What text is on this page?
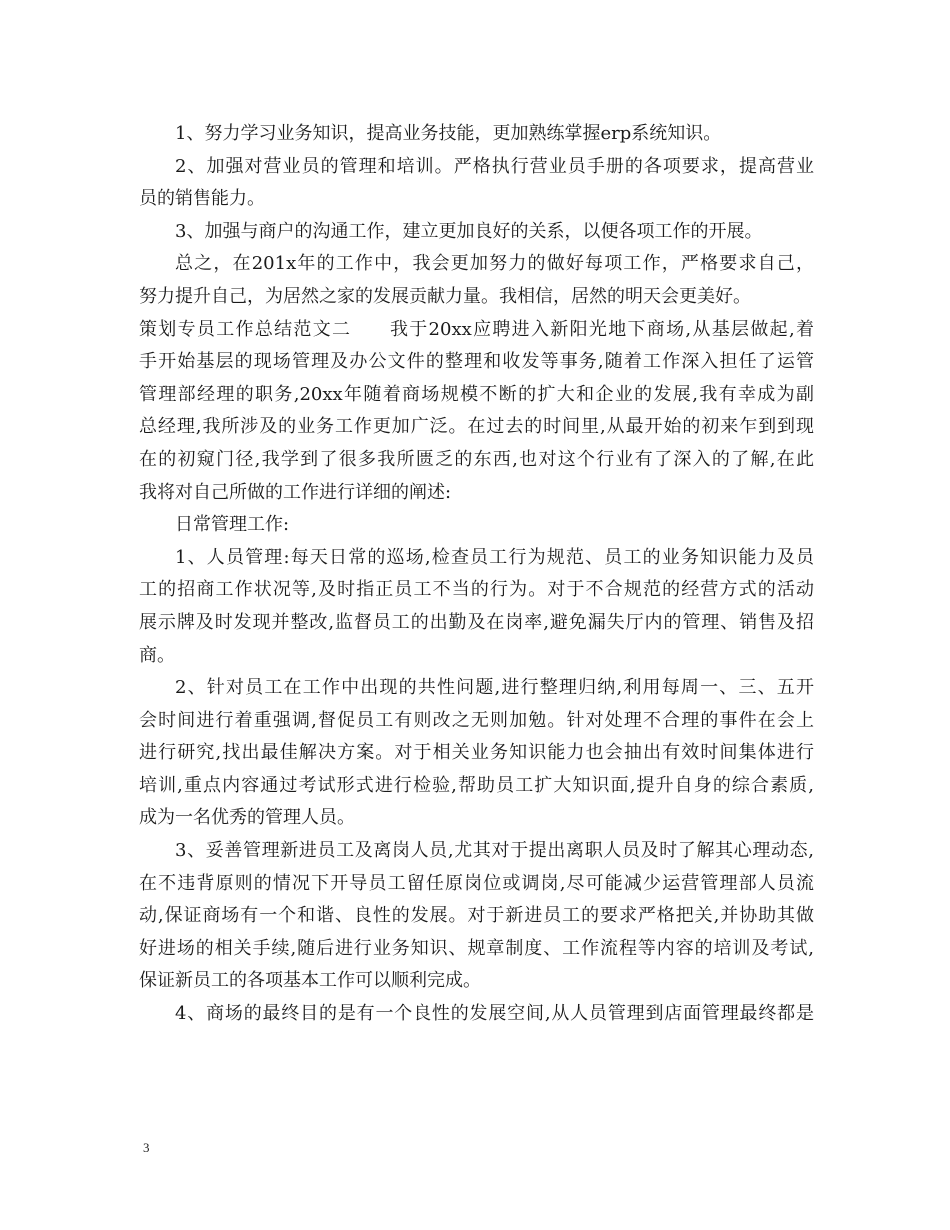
1、努力学习业务知识，提高业务技能，更加熟练掌握erp系统知识。
2、加强对营业员的管理和培训。严格执行营业员手册的各项要求，提高营业
员的销售能力。
3、加强与商户的沟通工作，建立更加良好的关系，以便各项工作的开展。
总之，在201x年的工作中，我会更加努力的做好每项工作，严格要求自己，
努力提升自己，为居然之家的发展贡献力量。我相信，居然的明天会更美好。
策划专员工作总结范文二　　我于20xx应聘进入新阳光地下商场,从基层做起,着
手开始基层的现场管理及办公文件的整理和收发等事务,随着工作深入担任了运管
管理部经理的职务,20xx年随着商场规模不断的扩大和企业的发展,我有幸成为副
总经理,我所涉及的业务工作更加广泛。在过去的时间里,从最开始的初来乍到到现
在的初窥门径,我学到了很多我所匮乏的东西,也对这个行业有了深入的了解,在此
我将对自己所做的工作进行详细的阐述:
日常管理工作:
1、人员管理:每天日常的巡场,检查员工行为规范、员工的业务知识能力及员
工的招商工作状况等,及时指正员工不当的行为。对于不合规范的经营方式的活动
展示牌及时发现并整改,监督员工的出勤及在岗率,避免漏失厅内的管理、销售及招
商。
2、针对员工在工作中出现的共性问题,进行整理归纳,利用每周一、三、五开
会时间进行着重强调,督促员工有则改之无则加勉。针对处理不合理的事件在会上
进行研究,找出最佳解决方案。对于相关业务知识能力也会抽出有效时间集体进行
培训,重点内容通过考试形式进行检验,帮助员工扩大知识面,提升自身的综合素质,
成为一名优秀的管理人员。
3、妥善管理新进员工及离岗人员,尤其对于提出离职人员及时了解其心理动态,
在不违背原则的情况下开导员工留任原岗位或调岗,尽可能减少运营管理部人员流
动,保证商场有一个和谐、良性的发展。对于新进员工的要求严格把关,并协助其做
好进场的相关手续,随后进行业务知识、规章制度、工作流程等内容的培训及考试,
保证新员工的各项基本工作可以顺利完成。
4、商场的最终目的是有一个良性的发展空间,从人员管理到店面管理最终都是
3
